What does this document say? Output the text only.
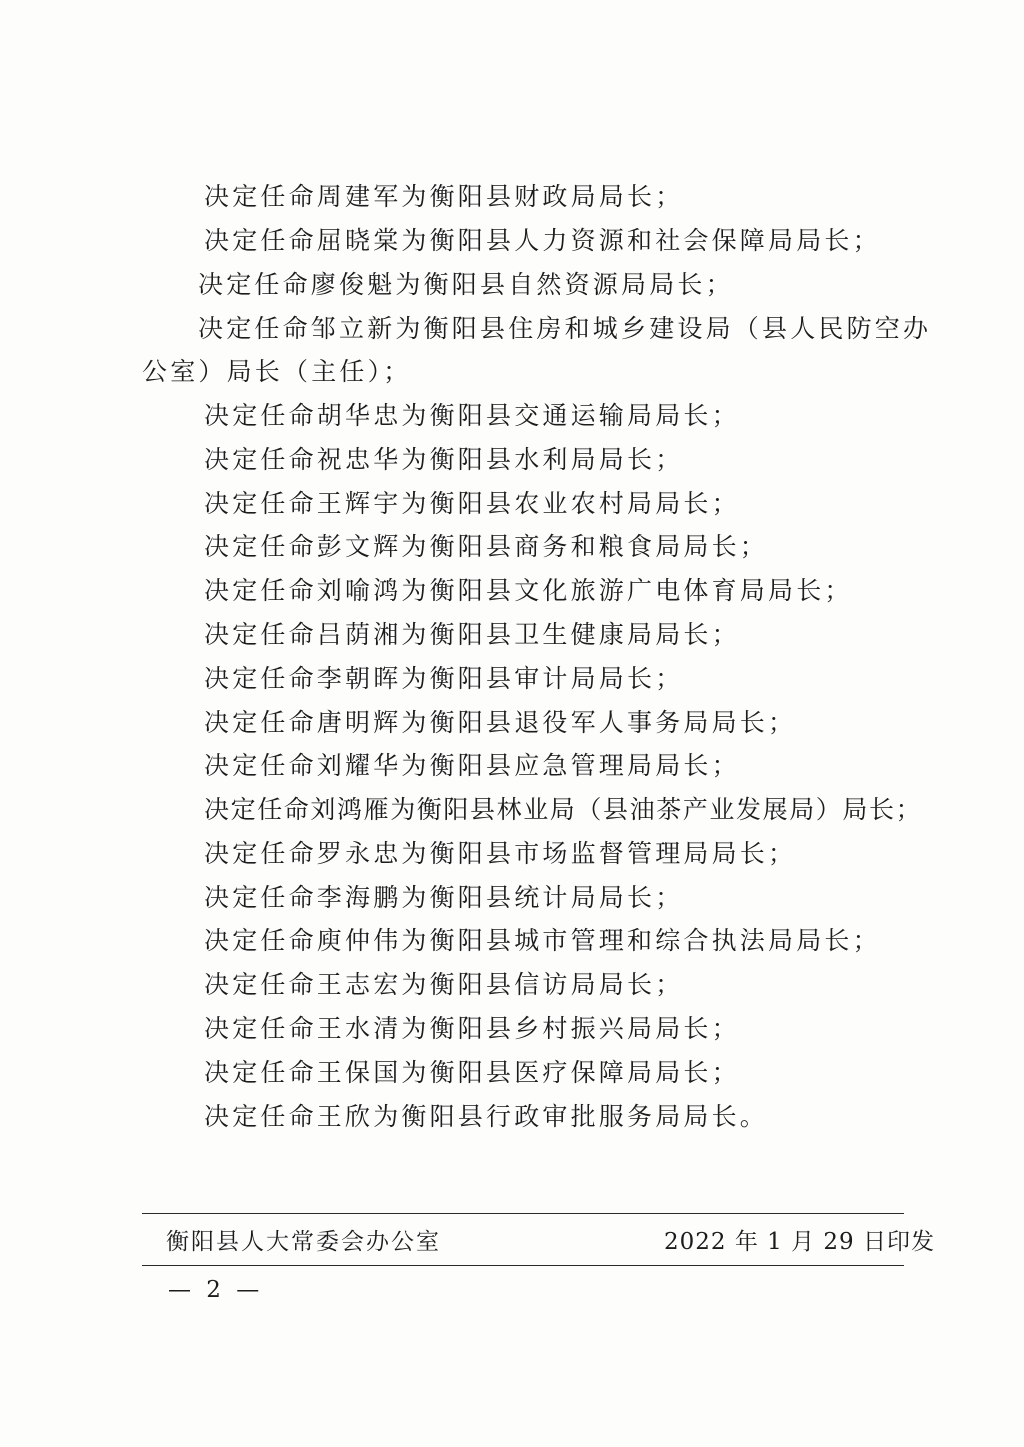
决定任命周建军为衡阳县财政局局长；
决定任命屈晓棠为衡阳县人力资源和社会保障局局长；
决定任命廖俊魁为衡阳县自然资源局局长；
决定任命邹立新为衡阳县住房和城乡建设局（县人民防空办
公室）局长（主任）；
决定任命胡华忠为衡阳县交通运输局局长；
决定任命祝忠华为衡阳县水利局局长；
决定任命王辉宇为衡阳县农业农村局局长；
决定任命彭文辉为衡阳县商务和粮食局局长；
决定任命刘喻鸿为衡阳县文化旅游广电体育局局长；
决定任命吕荫湘为衡阳县卫生健康局局长；
决定任命李朝晖为衡阳县审计局局长；
决定任命唐明辉为衡阳县退役军人事务局局长；
决定任命刘耀华为衡阳县应急管理局局长；
决定任命刘鸿雁为衡阳县林业局（县油茶产业发展局）局长；
决定任命罗永忠为衡阳县市场监督管理局局长；
决定任命李海鹏为衡阳县统计局局长；
决定任命庾仲伟为衡阳县城市管理和综合执法局局长；
决定任命王志宏为衡阳县信访局局长；
决定任命王水清为衡阳县乡村振兴局局长；
决定任命王保国为衡阳县医疗保障局局长；
决定任命王欣为衡阳县行政审批服务局局长。
衡阳县人大常委会办公室	2022 年 1 月 29 日印发
— 2 —
